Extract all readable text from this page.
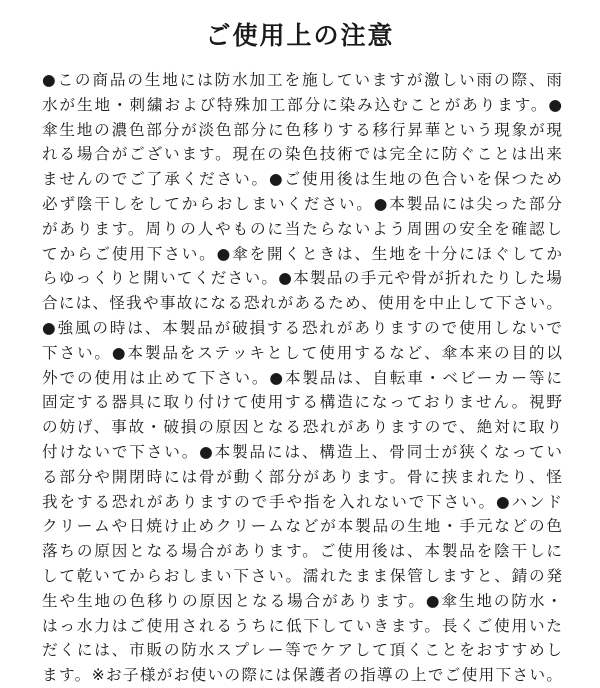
ご使用上の注意
●この商品の生地には防水加工を施していますが激しい雨の際、雨
水が生地・刺繍および特殊加工部分に染み込むことがあります。●
傘生地の濃色部分が淡色部分に色移りする移行昇華という現象が現
れる場合がございます。現在の染色技術では完全に防ぐことは出来
ませんのでご了承ください。●ご使用後は生地の色合いを保つため
必ず陰干しをしてからおしまいください。●本製品には尖った部分
があります。周りの人やものに当たらないよう周囲の安全を確認し
てからご使用下さい。●傘を開くときは、生地を十分にほぐしてか
らゆっくりと開いてください。●本製品の手元や骨が折れたりした場
合には、怪我や事故になる恐れがあるため、使用を中止して下さい。
●強風の時は、本製品が破損する恐れがありますので使用しないで
下さい。●本製品をステッキとして使用するなど、傘本来の目的以
外での使用は止めて下さい。●本製品は、自転車・ベビーカー等に
固定する器具に取り付けて使用する構造になっておりません。視野
の妨げ、事故・破損の原因となる恐れがありますので、絶対に取り
付けないで下さい。●本製品には、構造上、骨同士が狭くなってい
る部分や開閉時には骨が動く部分があります。骨に挟まれたり、怪
我をする恐れがありますので手や指を入れないで下さい。●ハンド
クリームや日焼け止めクリームなどが本製品の生地・手元などの色
落ちの原因となる場合があります。ご使用後は、本製品を陰干しに
して乾いてからおしまい下さい。濡れたまま保管しますと、錆の発
生や生地の色移りの原因となる場合があります。●傘生地の防水・
はっ水力はご使用されるうちに低下していきます。長くご使用いた
だくには、市販の防水スプレー等でケアして頂くことをおすすめし
ます。※お子様がお使いの際には保護者の指導の上でご使用下さい。
